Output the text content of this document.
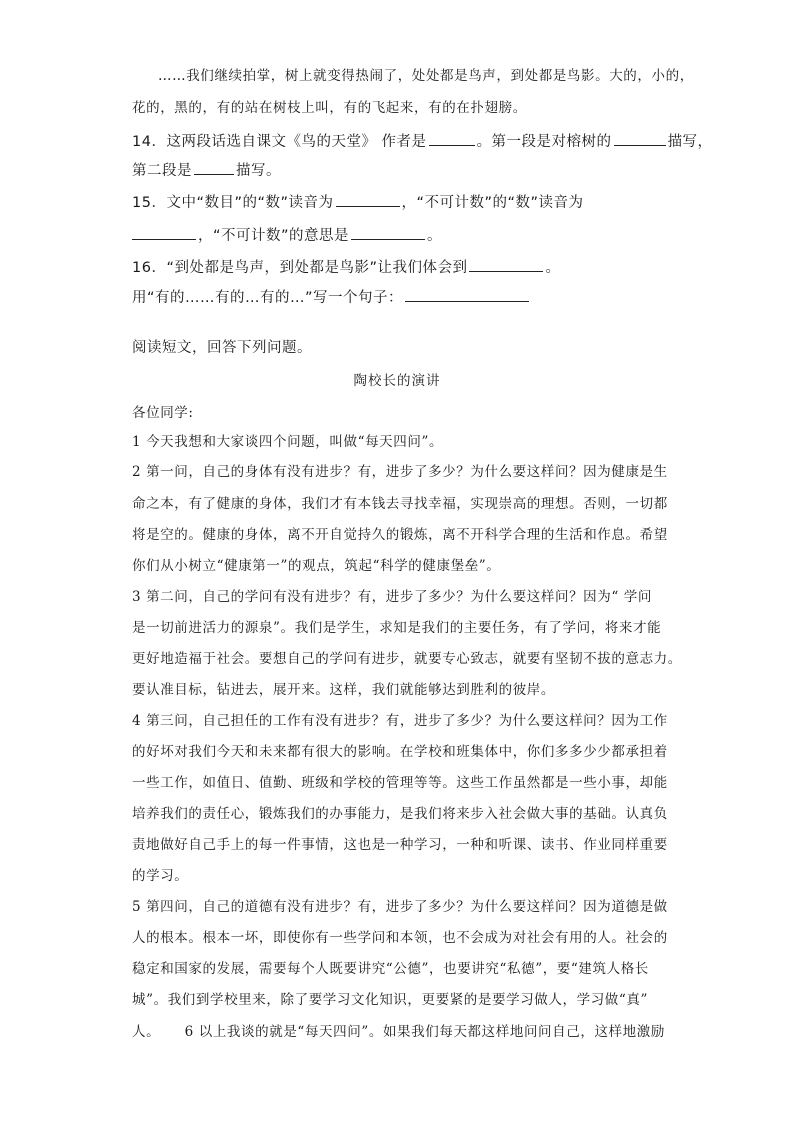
……我们继续拍掌，树上就变得热闹了，处处都是鸟声，到处都是鸟影。大的，小的，
花的，黑的，有的站在树枝上叫，有的飞起来，有的在扑翅膀。
14．这两段话选自课文《鸟的天堂》 作者是	。第一段是对榕树的	描写，
第二段是	描写。
15．文中“数目”的“数”读音为	，“不可计数”的“数”读音为
，“不可计数”的意思是	。
16．“到处都是鸟声，到处都是鸟影”让我们体会到	。
用“有的……有的…有的…”写一个句子：
阅读短文，回答下列问题。
陶校长的演讲
各位同学:
1 今天我想和大家谈四个问题，叫做“每天四问”。
2 第一问，自己的身体有没有进步？有，进步了多少？为什么要这样问？因为健康是生
命之本，有了健康的身体，我们才有本钱去寻找幸福，实现崇高的理想。否则，一切都
将是空的。健康的身体，离不开自觉持久的锻炼，离不开科学合理的生活和作息。希望
你们从小树立“健康第一”的观点，筑起“科学的健康堡垒”。
3 第二问，自己的学问有没有进步？有，进步了多少？为什么要这样问？因为“ 学问
是一切前进活力的源泉”。我们是学生，求知是我们的主要任务，有了学问，将来才能
更好地造福于社会。要想自己的学问有进步，就要专心致志，就要有坚韧不拔的意志力。
要认准目标，钻进去，展开来。这样，我们就能够达到胜利的彼岸。
4 第三问，自己担任的工作有没有进步？有，进步了多少？为什么要这样问？因为工作
的好坏对我们今天和未来都有很大的影响。在学校和班集体中，你们多多少少都承担着
一些工作，如值日、值勤、班级和学校的管理等等。这些工作虽然都是一些小事，却能
培养我们的责任心，锻炼我们的办事能力，是我们将来步入社会做大事的基础。认真负
责地做好自己手上的每一件事情，这也是一种学习，一种和听课、读书、作业同样重要
的学习。
5 第四问，自己的道德有没有进步？有，进步了多少？为什么要这样问？因为道德是做
人的根本。根本一坏，即使你有一些学问和本领，也不会成为对社会有用的人。社会的
稳定和国家的发展，需要每个人既要讲究“公德”，也要讲究“私德”，要“建筑人格长
城”。我们到学校里来，除了要学习文化知识，更要紧的是要学习做人，学习做“真”
人。     6 以上我谈的就是“每天四问”。如果我们每天都这样地问问自己，这样地激励
